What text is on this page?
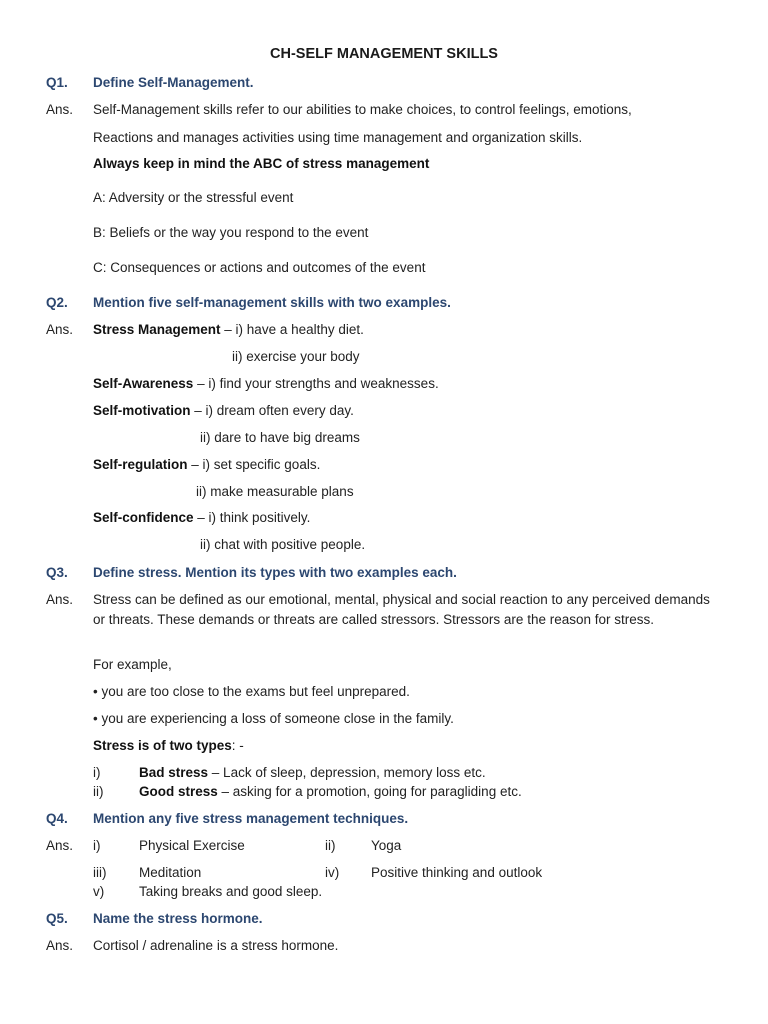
CH-SELF MANAGEMENT SKILLS
Q1. Define Self-Management.
Ans. Self-Management skills refer to our abilities to make choices, to control feelings, emotions,
Reactions and manages activities using time management and organization skills.
Always keep in mind the ABC of stress management
A: Adversity or the stressful event
B: Beliefs or the way you respond to the event
C: Consequences or actions and outcomes of the event
Q2. Mention five self-management skills with two examples.
Ans. Stress Management – i) have a healthy diet.
ii) exercise your body
Self-Awareness – i) find your strengths and weaknesses.
Self-motivation – i) dream often every day.
ii) dare to have big dreams
Self-regulation – i) set specific goals.
ii) make measurable plans
Self-confidence – i) think positively.
ii) chat with positive people.
Q3. Define stress. Mention its types with two examples each.
Ans. Stress can be defined as our emotional, mental, physical and social reaction to any perceived demands or threats. These demands or threats are called stressors. Stressors are the reason for stress.
For example,
• you are too close to the exams but feel unprepared.
• you are experiencing a loss of someone close in the family.
Stress is of two types: -
i)	Bad stress – Lack of sleep, depression, memory loss etc.
ii)	Good stress – asking for a promotion, going for paragliding etc.
Q4. Mention any five stress management techniques.
Ans. i)	Physical Exercise	ii)	Yoga
iii) Meditation	iv) Positive thinking and outlook
v)	Taking breaks and good sleep.
Q5. Name the stress hormone.
Ans. Cortisol / adrenaline is a stress hormone.
